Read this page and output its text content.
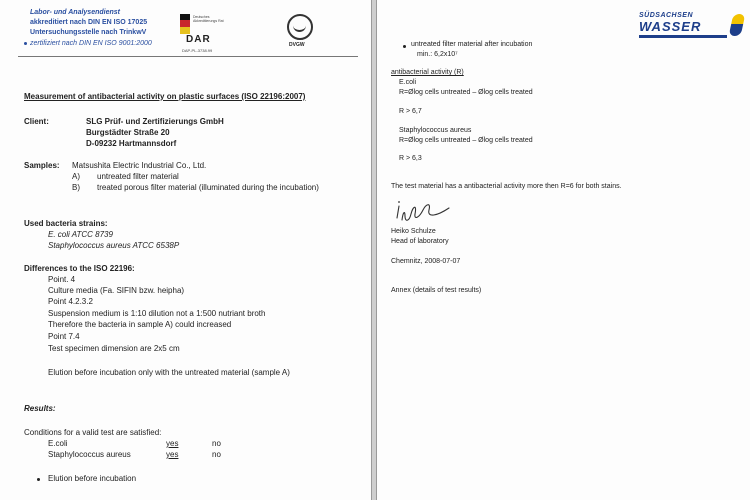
Labor- und Analysendienst
akkreditiert nach DIN EN ISO 17025
Untersuchungsstelle nach TrinkwV
zertifiziert nach DIN EN ISO 9001:2000
Deutsches Akkreditierungs Rat
DAR
DAP-PL-3738.99
DVGW
Measurement of antibacterial activity on plastic surfaces (ISO 22196:2007)
Client:	SLG Prüf- und Zertifizierungs GmbH
Burgstädter Straße 20
D-09232 Hartmannsdorf
Samples: Matsushita Electric Industrial Co., Ltd.
A) untreated filter material
B) treated porous filter material (illuminated during the incubation)
Used bacteria strains:
E. coli ATCC 8739
Staphylococcus aureus ATCC 6538P
Differences to the ISO 22196:
Point. 4
Culture media (Fa. SIFIN bzw. heipha)
Point 4.2.3.2
Suspension medium is 1:10 dilution not a 1:500 nutriant broth
Therefore the bacteria in sample A) could increased
Point 7.4
Test specimen dimension are 2x5 cm
Elution before incubation only with the untreated material (sample A)
Results:
Conditions for a valid test are satisfied:
E.coli	yes	no
Staphylococcus aureus	yes	no
Elution before incubation
SÜDSACHSEN
WASSER
untreated filter material after incubation
min.: 6,2x10⁷
antibacterial activity (R)
E.coli
R=Ølog cells untreated – Ølog cells treated
R > 6,7
Staphylococcus aureus
R=Ølog cells untreated – Ølog cells treated
R > 6,3
The test material has a antibacterial activity more then R=6 for both stains.
Heiko Schulze
Head of laboratory
Chemnitz, 2008-07-07
Annex (details of test results)
